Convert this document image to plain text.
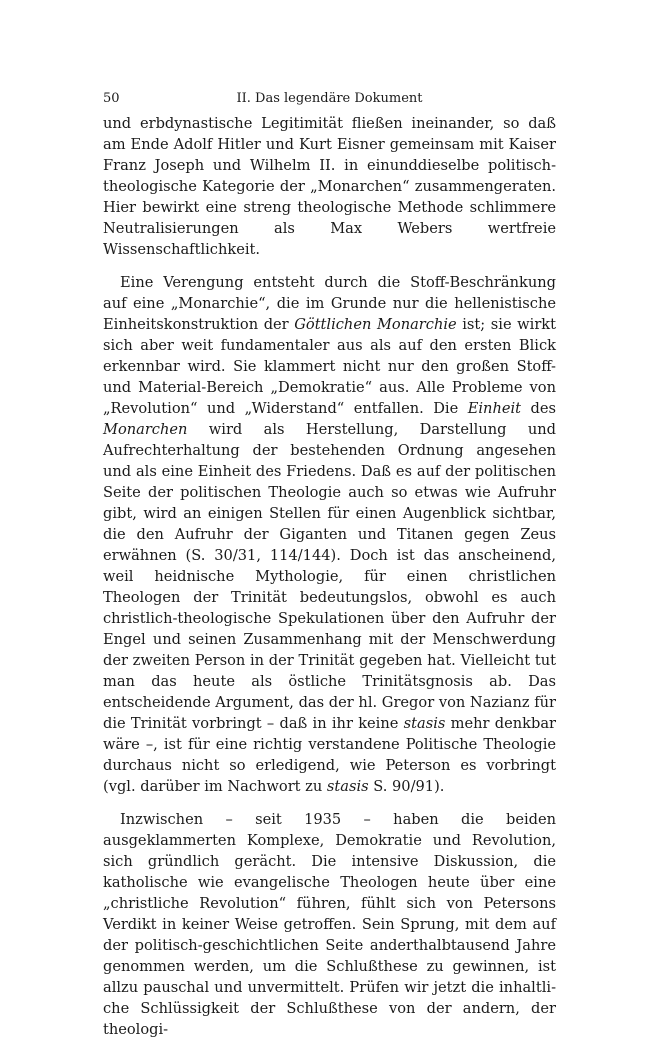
50	II. Das legendäre Dokument

und erbdynastische Legitimität fließen ineinander, so daß am Ende Adolf Hitler und Kurt Eisner gemeinsam mit Kaiser Franz Joseph und Wilhelm II. in einunddieselbe politisch-theologische Kategorie der „Monarchen“ zusammengeraten. Hier bewirkt eine streng theologische Methode schlimmere Neutralisierungen als Max Webers wertfreie Wissenschaftlichkeit.

Eine Verengung entsteht durch die Stoff-Beschränkung auf eine „Monarchie“, die im Grunde nur die hellenistische Einheitskonstruktion der Göttlichen Monarchie ist; sie wirkt sich aber weit fundamentaler aus als auf den ersten Blick erkennbar wird. Sie klammert nicht nur den großen Stoff- und Material-Bereich „Demokratie“ aus. Alle Probleme von „Revolution“ und „Widerstand“ entfallen. Die Einheit des Monarchen wird als Herstellung, Darstellung und Aufrechterhaltung der bestehenden Ordnung angesehen und als eine Einheit des Friedens. Daß es auf der politischen Seite der politischen Theologie auch so etwas wie Aufruhr gibt, wird an einigen Stellen für einen Augenblick sichtbar, die den Aufruhr der Giganten und Titanen gegen Zeus erwähnen (S. 30/31, 114/144). Doch ist das anscheinend, weil heidnische Mythologie, für einen christlichen Theologen der Trinität bedeutungslos, obwohl es auch christlich-theologische Spekulationen über den Aufruhr der Engel und seinen Zusammenhang mit der Menschwerdung der zweiten Person in der Trinität gegeben hat. Vielleicht tut man das heute als östliche Trinitätsgnosis ab. Das entscheidende Argument, das der hl. Gregor von Nazianz für die Trinität vorbringt – daß in ihr keine stasis mehr denkbar wäre –, ist für eine richtig verstandene Politische Theologie durchaus nicht so erledigend, wie Peterson es vorbringt (vgl. darüber im Nachwort zu stasis S. 90/91).

Inzwischen – seit 1935 – haben die beiden ausgeklammerten Komplexe, Demokratie und Revolution, sich gründlich gerächt. Die intensive Diskussion, die katholische wie evangelische Theologen heute über eine „christliche Revolution“ führen, fühlt sich von Petersons Verdikt in keiner Weise getroffen. Sein Sprung, mit dem auf der politisch-geschichtlichen Seite anderthalbtausend Jahre genommen werden, um die Schlußthese zu gewinnen, ist allzu pauschal und unvermittelt. Prüfen wir jetzt die inhaltliche Schlüssigkeit der Schlußthese von der andern, der theologi-
